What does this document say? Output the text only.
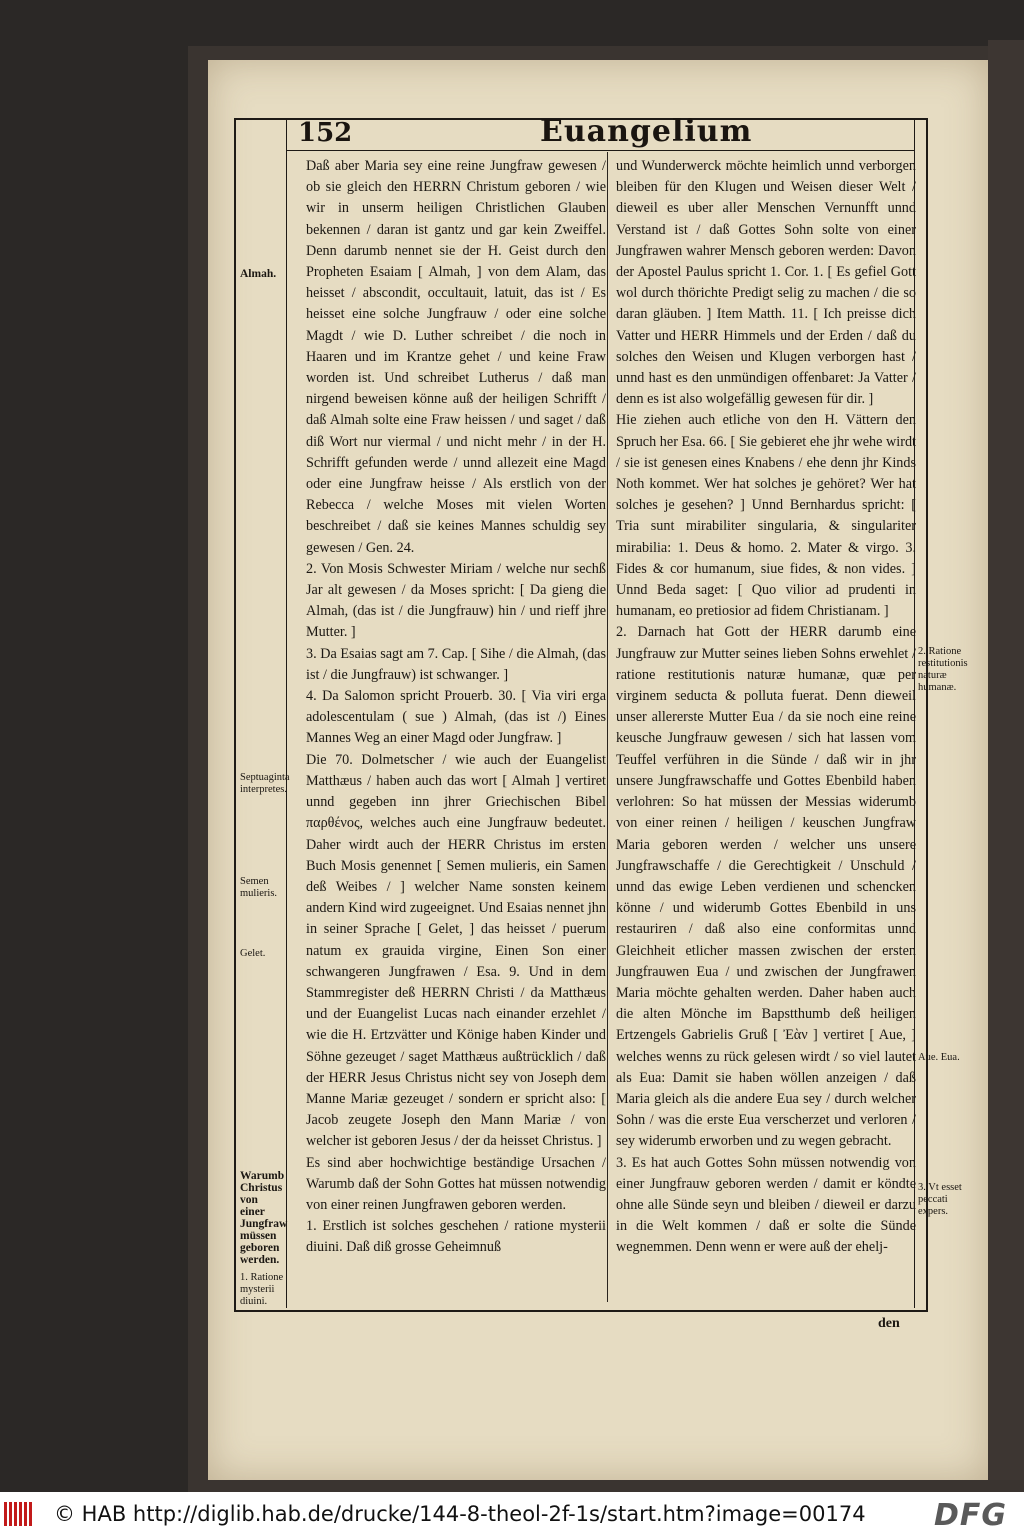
152	Euangelium

Daß aber Maria sey eine reine Jungfraw gewesen / ob sie gleich den HERRN Christum geboren / wie wir in unserm heiligen Christlichen Glauben bekennen / daran ist gantz und gar kein Zweiffel. Denn darumb nennet sie der H. Geist durch den Propheten Esaiam [ Almah, ] von dem Alam, das heisset / abscondit, occultauit, latuit, das ist / Es heisset eine solche Jungfrauw / oder eine solche Magdt / wie D. Luther schreibet / die noch in Haaren und im Krantze gehet / und keine Fraw worden ist. Und schreibet Lutherus / daß man nirgend beweisen könne auß der heiligen Schrifft / daß Almah solte eine Fraw heissen / und saget / daß diß Wort nur viermal / und nicht mehr / in der H. Schrifft gefunden werde / unnd allezeit eine Magd oder eine Jungfraw heisse / Als erstlich von der Rebecca / welche Moses mit vielen Worten beschreibet / daß sie keines Mannes schuldig sey gewesen / Gen. 24.

2. Von Mosis Schwester Miriam / welche nur sechß Jar alt gewesen / da Moses spricht: [ Da gieng die Almah, (das ist / die Jungfrauw) hin / und rieff jhre Mutter. ]

3. Da Esaias sagt am 7. Cap. [ Sihe / die Almah, (das ist / die Jungfrauw) ist schwanger. ]

4. Da Salomon spricht Prouerb. 30. [ Via viri erga adolescentulam ( sue ) Almah, (das ist /) Eines Mannes Weg an einer Magd oder Jungfraw. ]

Die 70. Dolmetscher / wie auch der Euangelist Matthæus / haben auch das wort [ Almah ] vertiret unnd gegeben inn jhrer Griechischen Bibel παρθένος, welches auch eine Jungfrauw bedeutet. Daher wirdt auch der HERR Christus im ersten Buch Mosis genennet [ Semen mulieris, ein Samen deß Weibes / ] welcher Name sonsten keinem andern Kind wird zugeeignet. Und Esaias nennet jhn in seiner Sprache [ Gelet, ] das heisset / puerum natum ex grauida virgine, Einen Son einer schwangeren Jungfrawen / Esa. 9. Und in dem Stammregister deß HERRN Christi / da Matthæus und der Euangelist Lucas nach einander erzehlet / wie die H. Ertzvätter und Könige haben Kinder und Söhne gezeuget / saget Matthæus außtrücklich / daß der HERR Jesus Christus nicht sey von Joseph dem Manne Mariæ gezeuget / sondern er spricht also: [ Jacob zeugete Joseph den Mann Mariæ / von welcher ist geboren Jesus / der da heisset Christus. ]

Es sind aber hochwichtige beständige Ursachen / Warumb daß der Sohn Gottes hat müssen notwendig von einer reinen Jungfrawen geboren werden.

1. Erstlich ist solches geschehen / ratione mysterii diuini. Daß diß grosse Geheimnuß

und Wunderwerck möchte heimlich unnd verborgen bleiben für den Klugen und Weisen dieser Welt / dieweil es uber aller Menschen Vernunfft unnd Verstand ist / daß Gottes Sohn solte von einer Jungfrawen wahrer Mensch geboren werden: Davon der Apostel Paulus spricht 1. Cor. 1. [ Es gefiel Gott wol durch thörichte Predigt selig zu machen / die so daran gläuben. ] Item Matth. 11. [ Ich preisse dich Vatter und HERR Himmels und der Erden / daß du solches den Weisen und Klugen verborgen hast / unnd hast es den unmündigen offenbaret: Ja Vatter / denn es ist also wolgefällig gewesen für dir. ]

Hie ziehen auch etliche von den H. Vättern den Spruch her Esa. 66. [ Sie gebieret ehe jhr wehe wirdt / sie ist genesen eines Knabens / ehe denn jhr Kinds Noth kommet. Wer hat solches je gehöret? Wer hat solches je gesehen? ] Unnd Bernhardus spricht: [ Tria sunt mirabiliter singularia, & singulariter mirabilia: 1. Deus & homo. 2. Mater & virgo. 3. Fides & cor humanum, siue fides, & non vides. ] Unnd Beda saget: [ Quo vilior ad prudenti in humanam, eo pretiosior ad fidem Christianam. ]

2. Darnach hat Gott der HERR darumb eine Jungfrauw zur Mutter seines lieben Sohns erwehlet / ratione restitutionis naturæ humanæ, quæ per virginem seducta & polluta fuerat. Denn dieweil unser allererste Mutter Eua / da sie noch eine reine keusche Jungfrauw gewesen / sich hat lassen vom Teuffel verführen in die Sünde / daß wir in jhr unsere Jungfrawschaffe und Gottes Ebenbild haben verlohren: So hat müssen der Messias widerumb von einer reinen / heiligen / keuschen Jungfraw Maria geboren werden / welcher uns unsere Jungfrawschaffe / die Gerechtigkeit / Unschuld / unnd das ewige Leben verdienen und schencken könne / und widerumb Gottes Ebenbild in uns restauriren / daß also eine conformitas unnd Gleichheit etlicher massen zwischen der ersten Jungfrauwen Eua / und zwischen der Jungfrawen Maria möchte gehalten werden. Daher haben auch die alten Mönche im Bapstthumb deß heiligen Ertzengels Gabrielis Gruß [ Ἐὰν ] vertiret [ Aue, ] welches wenns zu rück gelesen wirdt / so viel lautet als Eua: Damit sie haben wöllen anzeigen / daß Maria gleich als die andere Eua sey / durch welcher Sohn / was die erste Eua verscherzet und verloren / sey widerumb erworben und zu wegen gebracht.

3. Es hat auch Gottes Sohn müssen notwendig von einer Jungfrauw geboren werden / damit er köndte ohne alle Sünde seyn und bleiben / dieweil er darzu in die Welt kommen / daß er solte die Sünde wegnemmen. Denn wenn er were auß der ehelj-

Almah.
Septuaginta interpretes.
Semen mulieris.
Gelet.
Warumb Christus von einer Jungfraw müssen geboren werden.
1. Ratione mysterii diuini.
2. Ratione restitutionis naturæ humanæ.
Aue. Eua.
3. Vt esset peccati expers.
den
© HAB http://diglib.hab.de/drucke/144-8-theol-2f-1s/start.htm?image=00174 DFG
